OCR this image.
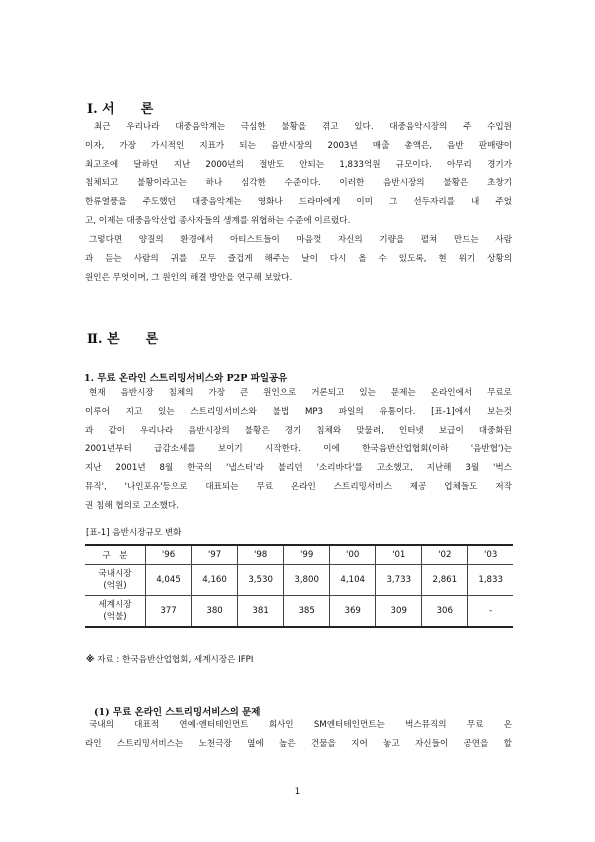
Ⅰ. 서　　론
최근 우리나라 대중음악계는 극심한 불황을 겪고 있다. 대중음악시장의 주 수입원
이자, 가장 가시적인 지표가 되는 음반시장의 2003년 매출 총액은, 음반 판매량이
최고조에 달하던 지난 2000년의 절반도 안되는 1,833억원 규모이다. 아무리 경기가
침체되고 불황이라고는 하나 심각한 수준이다. 이러한 음반시장의 불황은 초창기
한류열풍을 주도했던 대중음악계는 영화나 드라마에게 이미 그 선두자리를 내 주었
고, 이제는 대중음악산업 종사자들의 생계를 위협하는 수준에 이르렀다.
그렇다면 양질의 환경에서 아티스트들이 마음껏 자신의 기량을 펼쳐 만드는 사람
과 듣는 사람의 귀를 모두 즐겁게 해주는 날이 다시 올 수 있도록, 현 위기 상황의
원인은 무엇이며, 그 원인의 해결 방안을 연구해 보았다.
Ⅱ. 본　　론
1. 무료 온라인 스트리밍서비스와 P2P 파일공유
현재 음반시장 침체의 가장 큰 원인으로 거론되고 있는 문제는 온라인에서 무료로
이루어 지고 있는 스트리밍서비스와 불법 MP3 파일의 유통이다. [표-1]에서 보는것
과 같이 우리나라 음반시장의 불황은 경기 침체와 맞물려, 인터넷 보급이 대중화된
2001년부터 급감소세를 보이기 시작한다. 이에 한국음반산업협회(이하 '음반협')는
지난 2001년 8월 한국의 '냅스터'라 불리던 '소리바다'를 고소했고, 지난해 3월 '벅스
뮤직', '나인포유'등으로 대표되는 무료 온라인 스트리밍서비스 제공 업체들도 저작
권 침해 협의로 고소했다.
[표-1] 음반시장규모 변화
구　분	'96	'97	'98	'99	'00	'01	'02	'03

국내시장
(억원)	4,045	4,160	3,530	3,800	4,104	3,733	2,861	1,833

세계시장
(억불)	377	380	381	385	369	309	306	-
※ 자료 : 한국음반산업협회, 세계시장은 IFPI
(1) 무료 온라인 스트리밍서비스의 문제
국내의 대표적 연예·엔터테인먼트 회사인 SM엔터테인먼트는 벅스뮤직의 무료 온
라인 스트리밍서비스는 노천극장 옆에 높은 건물을 지어 놓고 자신들이 공연을 할
1
